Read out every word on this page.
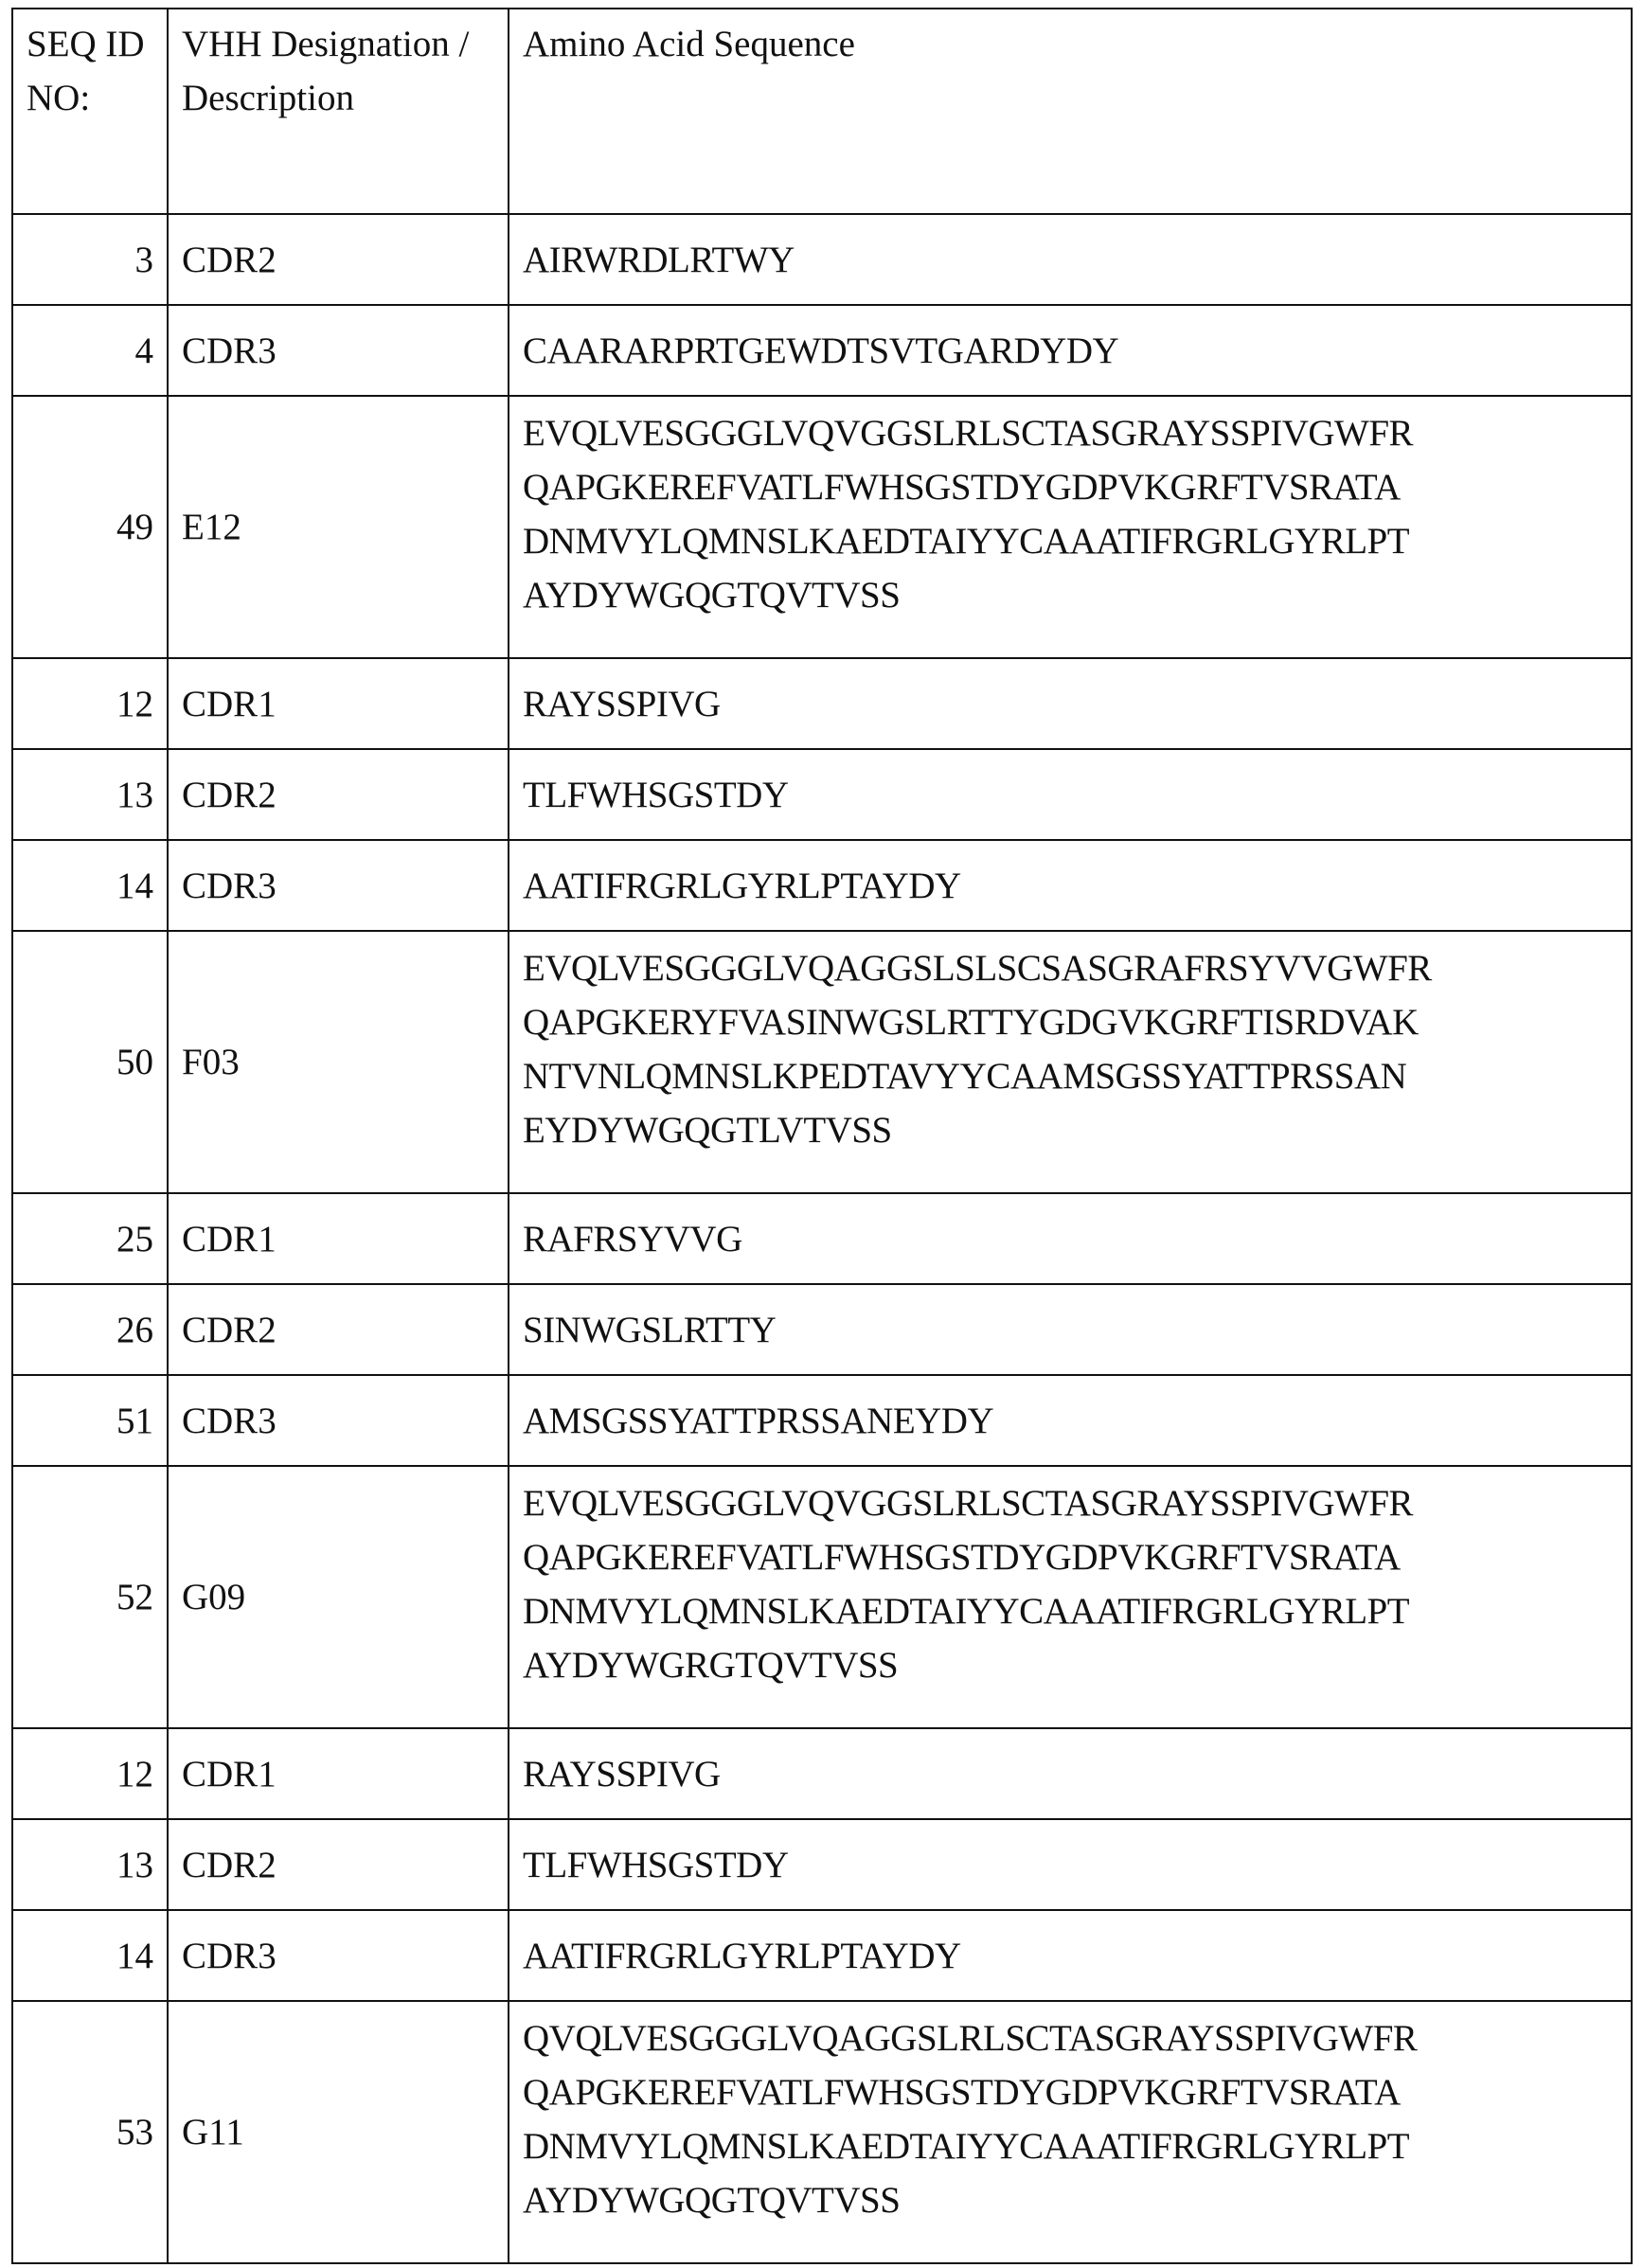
SEQ ID NO:	VHH Designation / Description	Amino Acid Sequence
3	CDR2	AIRWRDLRTWY

4	CDR3	CAARARPRTGEWDTSVTGARDYDY

49	E12	
EVQLVESGGGLVQVGGSLRLSCTASGRAYSSPIVGWFR
QAPGKEREFVATLFWHSGSTDYGDPVKGRFTVSRATA
DNMVYLQMNSLKAEDTAIYYCAAATIFRGRLGYRLPT
AYDYWGQGTQVTVSS

12	CDR1	RAYSSPIVG

13	CDR2	TLFWHSGSTDY

14	CDR3	AATIFRGRLGYRLPTAYDY

50	F03	
EVQLVESGGGLVQAGGSLSLSCSASGRAFRSYVVGWFR
QAPGKERYFVASINWGSLRTTYGDGVKGRFTISRDVAK
NTVNLQMNSLKPEDTAVYYCAAMSGSSYATTPRSSAN
EYDYWGQGTLVTVSS

25	CDR1	RAFRSYVVG

26	CDR2	SINWGSLRTTY

51	CDR3	AMSGSSYATTPRSSANEYDY

52	G09	
EVQLVESGGGLVQVGGSLRLSCTASGRAYSSPIVGWFR
QAPGKEREFVATLFWHSGSTDYGDPVKGRFTVSRATA
DNMVYLQMNSLKAEDTAIYYCAAATIFRGRLGYRLPT
AYDYWGRGTQVTVSS

12	CDR1	RAYSSPIVG

13	CDR2	TLFWHSGSTDY

14	CDR3	AATIFRGRLGYRLPTAYDY

53	G11	
QVQLVESGGGLVQAGGSLRLSCTASGRAYSSPIVGWFR
QAPGKEREFVATLFWHSGSTDYGDPVKGRFTVSRATA
DNMVYLQMNSLKAEDTAIYYCAAATIFRGRLGYRLPT
AYDYWGQGTQVTVSS
